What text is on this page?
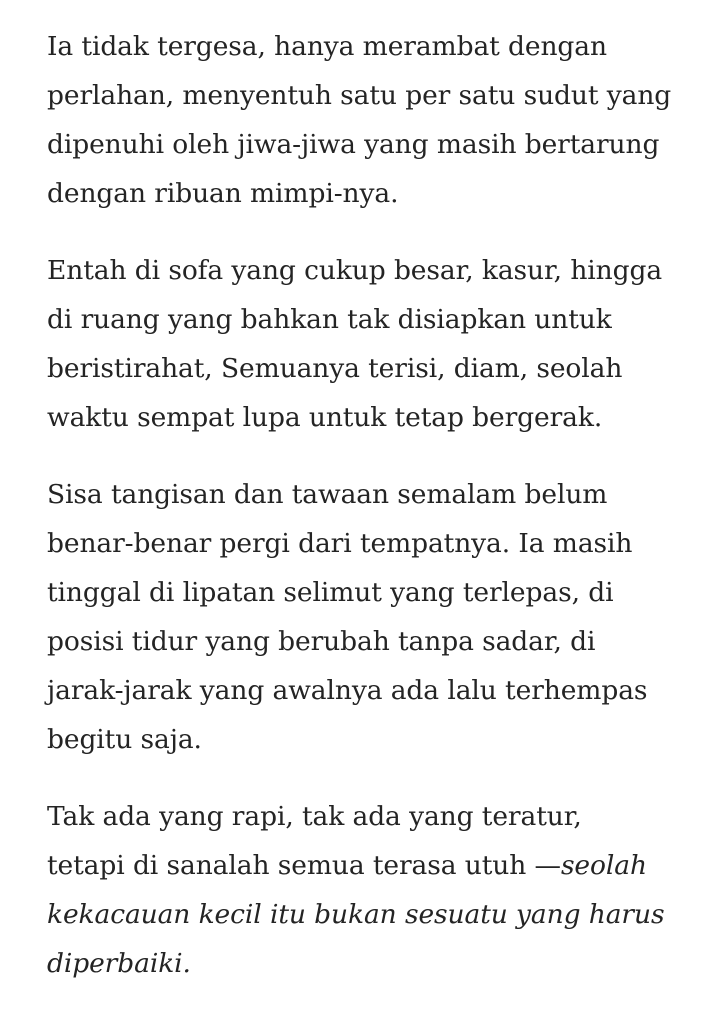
Ia tidak tergesa, hanya merambat dengan
perlahan, menyentuh satu per satu sudut yang
dipenuhi oleh jiwa-jiwa yang masih bertarung
dengan ribuan mimpi-nya.

Entah di sofa yang cukup besar, kasur, hingga
di ruang yang bahkan tak disiapkan untuk
beristirahat, Semuanya terisi, diam, seolah
waktu sempat lupa untuk tetap bergerak.

Sisa tangisan dan tawaan semalam belum
benar-benar pergi dari tempatnya. Ia masih
tinggal di lipatan selimut yang terlepas, di
posisi tidur yang berubah tanpa sadar, di
jarak-jarak yang awalnya ada lalu terhempas
begitu saja.

Tak ada yang rapi, tak ada yang teratur,
tetapi di sanalah semua terasa utuh —seolah
kekacauan kecil itu bukan sesuatu yang harus
diperbaiki.
